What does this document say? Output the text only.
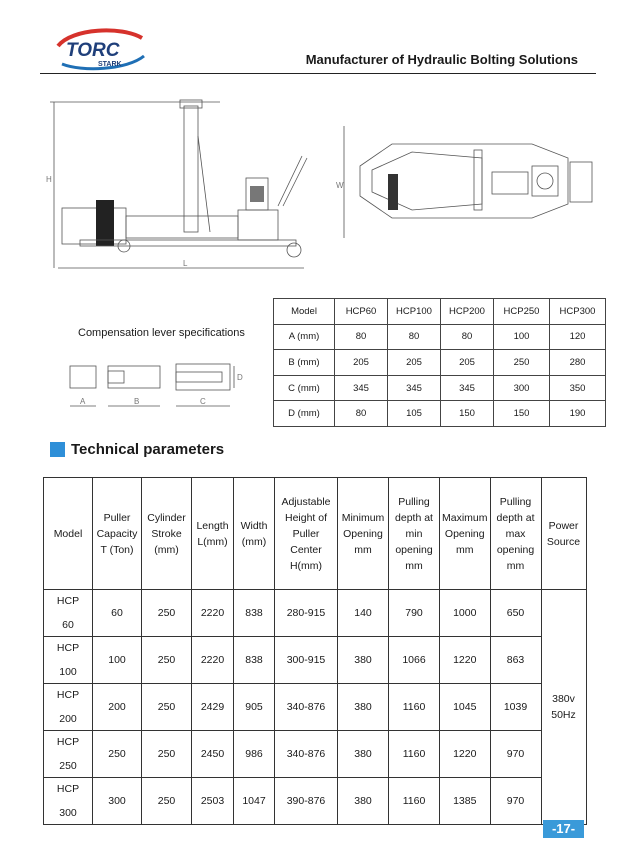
TORC
STARK	Manufacturer of Hydraulic Bolting Solutions
H
L
W
Model	HCP60	HCP100	HCP200	HCP250	HCP300
A (mm)	80	80	80	100	120
B (mm)	205	205	205	250	280
C (mm)	345	345	345	300	350
D (mm)	80	105	150	150	190
Compensation lever specifications
D
A	B	C
Technical parameters
Model	Puller
Capacity
T (Ton)	Cylinder
Stroke
(mm)	Length
L(mm)	Width
(mm)	Adjustable
Height of
Puller
Center
H(mm)	Minimum
Opening
mm	Pulling
depth at
min
opening
mm	Maximum
Opening
mm	Pulling
depth at
max
opening
mm	Power
Source

HCP
60	60	250	2220	838	280-915	140	790	1000	650	380v
50Hz

HCP
100	100	250	2220	838	300-915	380	1066	1220	863	

HCP
200	200	250	2429	905	340-876	380	1160	1045	1039	

HCP
250	250	250	2450	986	340-876	380	1160	1220	970	

HCP
300	300	250	2503	1047	390-876	380	1160	1385	970	
-17-
